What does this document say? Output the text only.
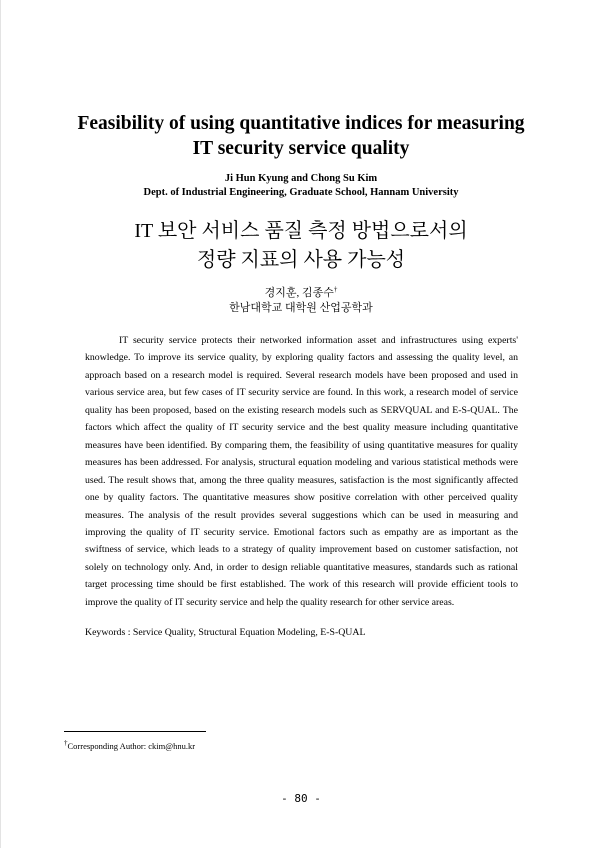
Feasibility of using quantitative indices for measuring
IT security service quality
Ji Hun Kyung and Chong Su Kim
Dept. of Industrial Engineering, Graduate School, Hannam University
IT 보안 서비스 품질 측정 방법으로서의
정량 지표의 사용 가능성
경지훈, 김종수†
한남대학교 대학원 산업공학과

IT security service protects their networked information asset and infrastructures using experts' knowledge. To improve its service quality, by exploring quality factors and assessing the quality level, an approach based on a research model is required. Several research models have been proposed and used in various service area, but few cases of IT security service are found. In this work, a research model of service quality has been proposed, based on the existing research models such as SERVQUAL and E-S-QUAL. The factors which affect the quality of IT security service and the best quality measure including quantitative measures have been identified. By comparing them, the feasibility of using quantitative measures for quality measures has been addressed. For analysis, structural equation modeling and various statistical methods were used. The result shows that, among the three quality measures, satisfaction is the most significantly affected one by quality factors. The quantitative measures show positive correlation with other perceived quality measures. The analysis of the result provides several suggestions which can be used in measuring and improving the quality of IT security service. Emotional factors such as empathy are as important as the swiftness of service, which leads to a strategy of quality improvement based on customer satisfaction, not solely on technology only. And, in order to design reliable quantitative measures, standards such as rational target processing time should be first established. The work of this research will provide efficient tools to improve the quality of IT security service and help the quality research for other service areas.

Keywords : Service Quality, Structural Equation Modeling, E-S-QUAL
†Corresponding Author: ckim@hnu.kr
- 80 -
